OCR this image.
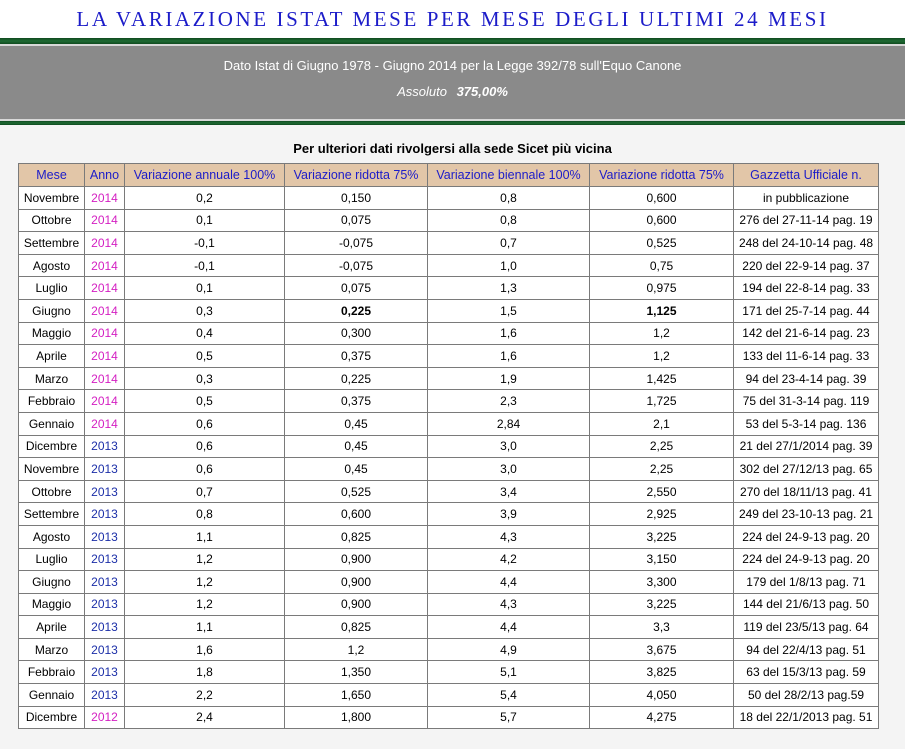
LA VARIAZIONE ISTAT MESE PER MESE DEGLI ULTIMI 24 MESI
Dato Istat di Giugno 1978 - Giugno 2014 per la Legge 392/78 sull'Equo Canone
Assoluto 375,00%
Per ulteriori dati rivolgersi alla sede Sicet più vicina
Mese	Anno	Variazione annuale 100%	Variazione ridotta 75%	Variazione biennale 100%	Variazione ridotta 75%	Gazzetta Ufficiale n.
Novembre	2014	0,2	0,150	0,8	0,600	in pubblicazione
Ottobre	2014	0,1	0,075	0,8	0,600	276 del 27-11-14 pag. 19
Settembre	2014	-0,1	-0,075	0,7	0,525	248 del 24-10-14 pag. 48
Agosto	2014	-0,1	-0,075	1,0	0,75	220 del 22-9-14 pag. 37
Luglio	2014	0,1	0,075	1,3	0,975	194 del 22-8-14 pag. 33
Giugno	2014	0,3	0,225	1,5	1,125	171 del 25-7-14 pag. 44
Maggio	2014	0,4	0,300	1,6	1,2	142 del 21-6-14 pag. 23
Aprile	2014	0,5	0,375	1,6	1,2	133 del 11-6-14 pag. 33
Marzo	2014	0,3	0,225	1,9	1,425	94 del 23-4-14 pag. 39
Febbraio	2014	0,5	0,375	2,3	1,725	75 del 31-3-14 pag. 119
Gennaio	2014	0,6	0,45	2,84	2,1	53 del 5-3-14 pag. 136
Dicembre	2013	0,6	0,45	3,0	2,25	21 del 27/1/2014 pag. 39
Novembre	2013	0,6	0,45	3,0	2,25	302 del 27/12/13 pag. 65
Ottobre	2013	0,7	0,525	3,4	2,550	270 del 18/11/13 pag. 41
Settembre	2013	0,8	0,600	3,9	2,925	249 del 23-10-13 pag. 21
Agosto	2013	1,1	0,825	4,3	3,225	224 del 24-9-13 pag. 20
Luglio	2013	1,2	0,900	4,2	3,150	224 del 24-9-13 pag. 20
Giugno	2013	1,2	0,900	4,4	3,300	179 del 1/8/13 pag. 71
Maggio	2013	1,2	0,900	4,3	3,225	144 del 21/6/13 pag. 50
Aprile	2013	1,1	0,825	4,4	3,3	119 del 23/5/13 pag. 64
Marzo	2013	1,6	1,2	4,9	3,675	94 del 22/4/13 pag. 51
Febbraio	2013	1,8	1,350	5,1	3,825	63 del 15/3/13 pag. 59
Gennaio	2013	2,2	1,650	5,4	4,050	50 del 28/2/13 pag.59
Dicembre	2012	2,4	1,800	5,7	4,275	18 del 22/1/2013 pag. 51
